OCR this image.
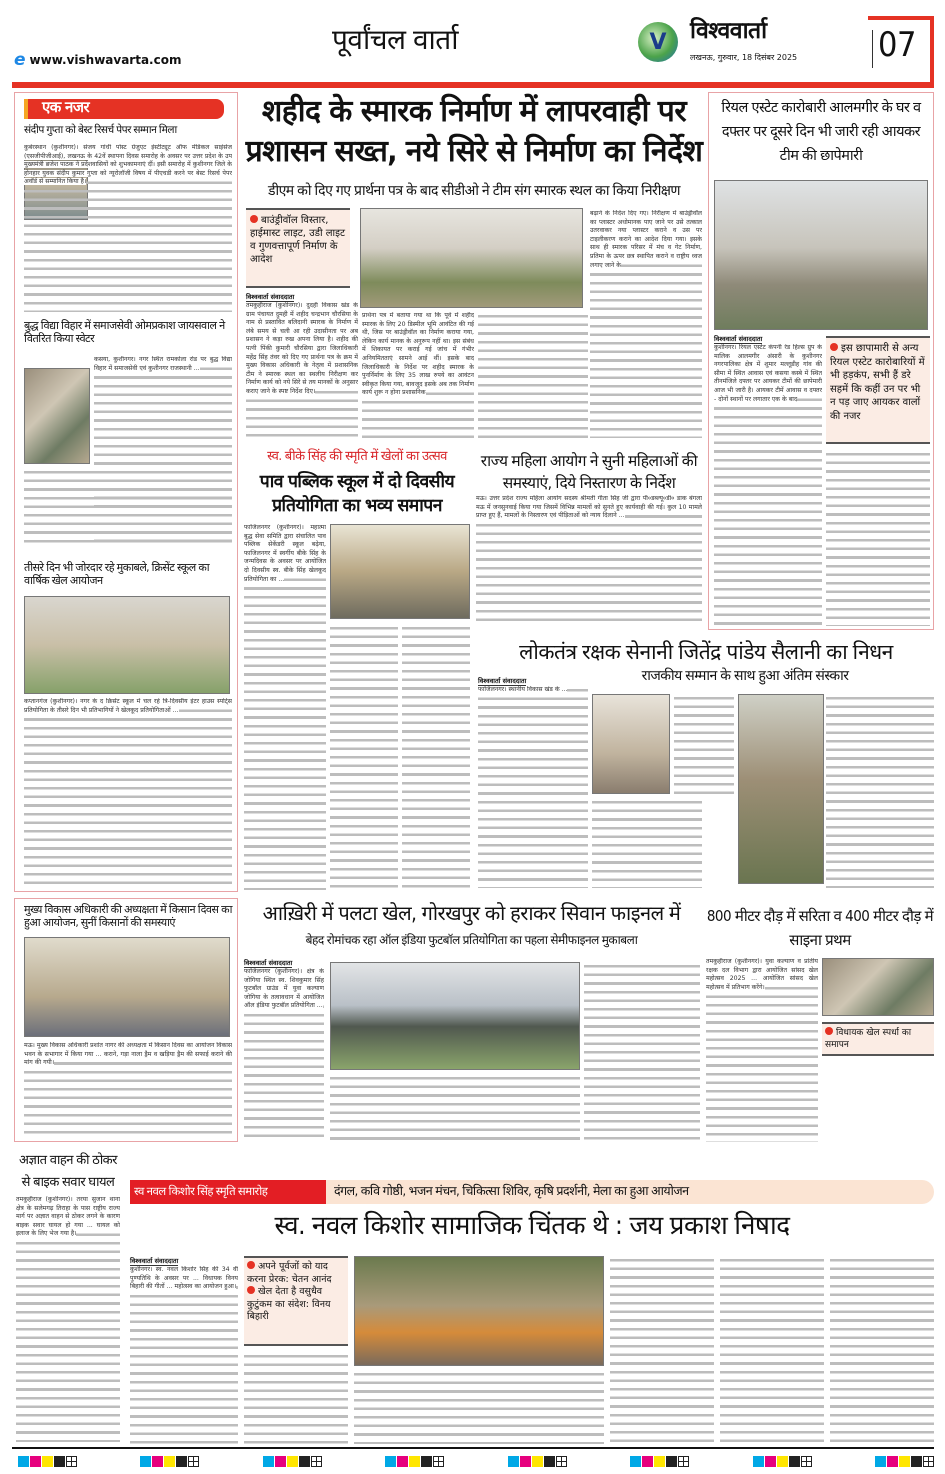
e www.vishwavarta.com
पूर्वांचल वार्ता	V	विश्ववार्ता
लखनऊ, गुरुवार, 18 दिसंबर 2025 07
एक नजर
संदीप गुप्ता को बेस्ट रिसर्च पेपर सम्मान मिला
कुबेरस्थान (कुशीनगर)। संजय गांधी पोस्ट ग्रेजुएट इंस्टीट्यूट ऑफ मेडिकल साइंसेज (एसजीपीजीआई), लखनऊ के 42वें स्थापना दिवस समारोह के अवसर पर उत्तर प्रदेश के उप मुख्यमंत्री ब्रजेश पाठक ने प्रदेशवासियों को शुभकामनाएं दीं। इसी समारोह में कुशीनगर जिले के होनहार युवक संदीप कुमार गुप्ता को न्यूरोलॉजी विषय में पीएचडी करने पर बेस्ट रिसर्च पेपर अवॉर्ड से सम्मानित किया है।
बुद्ध विद्या विहार में समाजसेवी ओमप्रकाश जायसवाल ने वितरित किया स्वेटर
कसया, कुशीनगर। नगर स्थित रामकोला रोड पर बुद्ध विद्या विहार में समाजसेवी एवं कुशीनगर राजस्थानी ...
तीसरे दिन भी जोरदार रहे मुकाबले, क्रिसेंट स्कूल का वार्षिक खेल आयोजन
कप्तानगंज (कुशीनगर)। नगर के द क्रिसेंट स्कूल में चल रहे त्रि-दिवसीय इंटर हाउस स्पोर्ट्स प्रतियोगिता के तीसरे दिन भी प्रतिभागियों ने खेलकूद प्रतियोगिताओं ...
मुख्य विकास अधिकारी की अध्यक्षता में किसान दिवस का हुआ आयोजन, सुनीं किसानों की समस्याएं
मऊ। मुख्य विकास अधिकारी प्रशांत नागर की अध्यक्षता में किसान दिवस का आयोजन विकास भवन के सभागार में किया गया ... कराने, गड़ा नाला ड्रैम व खड़िया ड्रैम की सफाई कराने की मांग की गयी।
शहीद के स्मारक निर्माण में लापरवाही पर प्रशासन सख्त, नये सिरे से निर्माण का निर्देश
डीएम को दिए गए प्रार्थना पत्र के बाद सीडीओ ने टीम संग स्मारक स्थल का किया निरीक्षण
बाउंड्रीवॉल विस्तार, हाईमास्ट लाइट, उडी लाइट व गुणवत्तापूर्ण निर्माण के आदेश
विश्ववार्ता संवाददाता
तमकुहीराज (कुशीनगर)। दुदही विकास खंड के ग्राम पंचायत दुमही में शहीद चन्द्रभान चौरसिया के नाम से प्रस्तावित बलिदानी स्मारक के निर्माण में लंबे समय से चली आ रही उदासीनता पर अब प्रशासन ने कड़ा रुख अपना लिया है। शहीद की पत्नी पिंकी कुमारी चौरसिया द्वारा जिलाधिकारी महेंद्र सिंह तंवर को दिए गए प्रार्थना पत्र के क्रम में मुख्य विकास अधिकारी के नेतृत्व में प्रशासनिक टीम ने स्मारक स्थल का स्थलीय निरीक्षण कर निर्माण कार्य को नये सिरे से तय मानकों के अनुसार कराए जाने के स्पष्ट निर्देश दिए।
प्रार्थना पत्र में बताया गया था कि पूर्व में शहीद स्मारक के लिए 20 डिस्मील भूमि आवंटित की गई थी, जिस पर बाउंड्रीवॉल का निर्माण कराया गया, लेकिन कार्य मानक के अनुरूप नहीं था। इस संबंध में शिकायत पर कराई गई जांच में गंभीर अनियमितताएं सामने आई थीं। इसके बाद जिलाधिकारी के निर्देश पर शहीद स्मारक के पुनर्निर्माण के लिए 35 लाख रुपये का आवंटन स्वीकृत किया गया, बावजूद इसके अब तक निर्माण कार्य शुरू न होना प्रशासनिक
बढ़ाने के निर्देश दिए गए। निरीक्षण में बाउंड्रीवॉल का प्लास्टर अधोमानक पाए जाने पर उसे तत्काल उतरवाकर नया प्लास्टर कराने व उस पर टाइलीकरण कराने का आदेश दिया गया। इसके साथ ही स्मारक परिसर में मंच व गेट निर्माण, प्रतिमा के ऊपर छत्र स्थापित कराने व राष्ट्रीय ध्वज लगाए जाने के
रियल एस्टेट कारोबारी आलमगीर के घर व दफ्तर पर दूसरे दिन भी जारी रही आयकर टीम की छापेमारी
विश्ववार्ता संवाददाता
कुशीनगर। रियल एस्टेट कंपनी रेड हिल्स ग्रुप के मालिक आलमगीर अंसारी के कुशीनगर नगरपालिका क्षेत्र में शुमार मल्लूडीह गांव की सीमा में स्थित आवास एवं कसया कस्बे में स्थित तीनमंजिले दफ्तर पर आयकर टीमों की छापेमारी आज भी जारी है। आयकर टीमें आवास व दफ्तर - दोनों स्थानों पर लगातार एक के बाद
इस छापामारी से अन्य रियल एस्टेट कारोबारियों में भी हड़कंप, सभी हैं डरे सहमें कि कहीं उन पर भी न पड़ जाए आयकर वालों की नजर
स्व. बीके सिंह की स्मृति में खेलों का उत्सव
पाव पब्लिक स्कूल में दो दिवसीय प्रतियोगिता का भव्य समापन
फाजिलनगर (कुशीनगर)। महात्मा बुद्ध सेवा समिति द्वारा संचालित पाव पब्लिक सेकेंडरी स्कूल बढ़ेया, फाजिलनगर में स्वर्गीय बीके सिंह के जन्मदिवस के अवसर पर आयोजित दो दिवसीय स्व. बीके सिंह खेलकूद प्रतियोगिता का ...
राज्य महिला आयोग ने सुनी महिलाओं की समस्याएं, दिये निस्तारण के निर्देश
मऊ। उत्तर प्रदेश राज्य महिला आयोग सदस्य श्रीमती गीता सिंह जी द्वारा पी०डब्ल्यू०डी० डाक बंगला मऊ में जनसुनवाई किया गया जिसमें विभिन्न मामलों को सुनते हुए कार्यवाही की गई। कुल 10 मामले प्राप्त हुए हैं, मामलों के निस्तारण एवं पीड़िताओं को न्याय दिलाने ...
लोकतंत्र रक्षक सेनानी जितेंद्र पांडेय सैलानी का निधन
राजकीय सम्मान के साथ हुआ अंतिम संस्कार
विश्ववार्ता संवाददाता
फाजिलनगर। स्थानीय विकास खंड के ...
आख़िरी में पलटा खेल, गोरखपुर को हराकर सिवान फाइनल में
बेहद रोमांचक रहा ऑल इंडिया फुटबॉल प्रतियोगिता का पहला सेमीफाइनल मुकाबला
विश्ववार्ता संवाददाता
फाजिलनगर (कुशीनगर)। क्षेत्र के जोगिया स्थित स्व. शिवकुमार सिंह फुटबॉल ग्राउंड में युवा कल्याण जोगिया के तत्वावधान में आयोजित ऑल इंडिया फुटबॉल प्रतियोगिता ...
800 मीटर दौड़ में सरिता व 400 मीटर दौड़ में साइना प्रथम
तमकुहीराज (कुशीनगर)। युवा कल्याण व प्रांतीय रक्षक दल विभाग द्वारा आयोजित सांसद खेल महोत्सव 2025 ... आयोजित सांसद खेल महोत्सव में प्रतिभाग करेंगे।
विधायक खेल स्पर्धा का समापन
अज्ञात वाहन की ठोकर से बाइक सवार घायल
तमकुहीराज (कुशीनगर)। तरया सुजान थाना क्षेत्र के सलेमगढ़ तिराहा के पास राष्ट्रीय राज्य मार्ग पर अज्ञात वाहन से ठोकर लगने के कारण बाइक सवार घायल हो गया ... घायल को इलाज के लिए भेज गया है।
स्व नवल किशोर सिंह स्मृति समारोह	दंगल, कवि गोष्ठी, भजन मंचन, चिकित्सा शिविर, कृषि प्रदर्शनी, मेला का हुआ आयोजन
स्व. नवल किशोर सामाजिक चिंतक थे : जय प्रकाश निषाद
विश्ववार्ता संवाददाता
कुशीनगर। स्व. नवल किशोर सिंह की 34 वीं पुण्यतिथि के अवसर पर ... विधायक विनय बिहारी की गीतों ... महोत्सव का आयोजन हुआ।
अपने पूर्वजों को याद करना प्रेरक: चेतन आनंद
खेल देता है वसुधैव कुटुंकम का संदेश: विनय बिहारी
